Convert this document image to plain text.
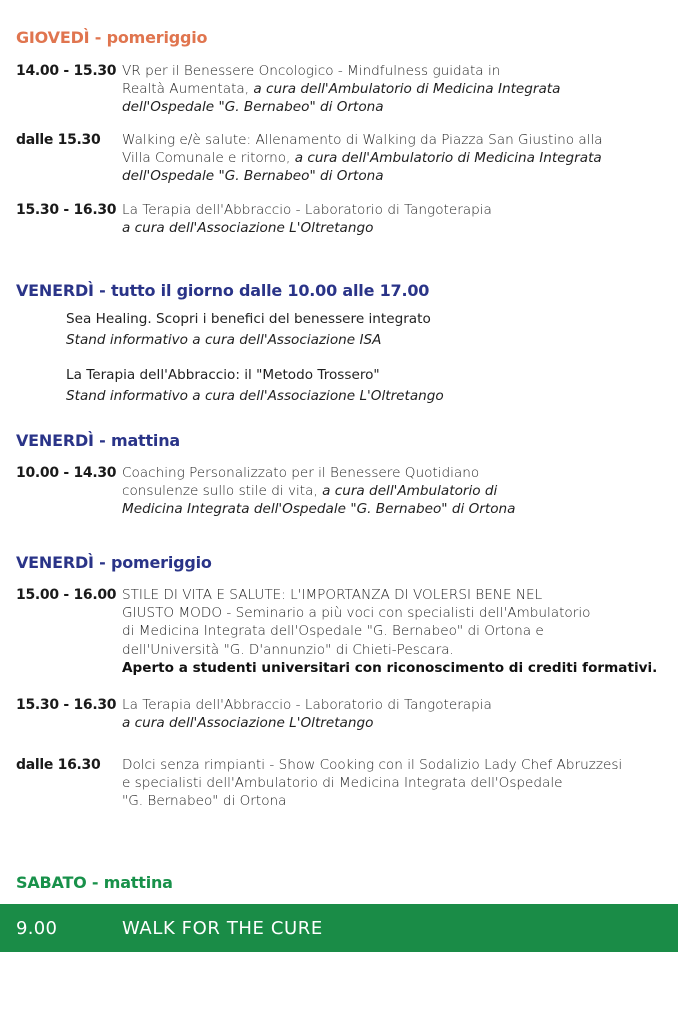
GIOVEDÌ - pomeriggio
14.00 - 15.30 VR per il Benessere Oncologico - Mindfulness guidata in
Realtà Aumentata, a cura dell'Ambulatorio di Medicina Integrata
dell'Ospedale "G. Bernabeo" di Ortona
dalle 15.30 Walking e/è salute: Allenamento di Walking da Piazza San Giustino alla
Villa Comunale e ritorno, a cura dell'Ambulatorio di Medicina Integrata
dell'Ospedale "G. Bernabeo" di Ortona
15.30 - 16.30 La Terapia dell'Abbraccio - Laboratorio di Tangoterapia
a cura dell'Associazione L'Oltretango
VENERDÌ - tutto il giorno dalle 10.00 alle 17.00
Sea Healing. Scopri i benefici del benessere integrato
Stand informativo a cura dell'Associazione ISA
La Terapia dell'Abbraccio: il "Metodo Trossero"
Stand informativo a cura dell'Associazione L'Oltretango
VENERDÌ - mattina
10.00 - 14.30 Coaching Personalizzato per il Benessere Quotidiano
consulenze sullo stile di vita, a cura dell'Ambulatorio di
Medicina Integrata dell'Ospedale "G. Bernabeo" di Ortona
VENERDÌ - pomeriggio
15.00 - 16.00 STILE DI VITA E SALUTE: L'IMPORTANZA DI VOLERSI BENE NEL
GIUSTO MODO - Seminario a più voci con specialisti dell'Ambulatorio
di Medicina Integrata dell'Ospedale "G. Bernabeo" di Ortona e
dell'Università "G. D'annunzio" di Chieti-Pescara.
Aperto a studenti universitari con riconoscimento di crediti formativi.
15.30 - 16.30 La Terapia dell'Abbraccio - Laboratorio di Tangoterapia
a cura dell'Associazione L'Oltretango
dalle 16.30 Dolci senza rimpianti - Show Cooking con il Sodalizio Lady Chef Abruzzesi
e specialisti dell'Ambulatorio di Medicina Integrata dell'Ospedale
"G. Bernabeo" di Ortona
SABATO - mattina
9.00	WALK FOR THE CURE
